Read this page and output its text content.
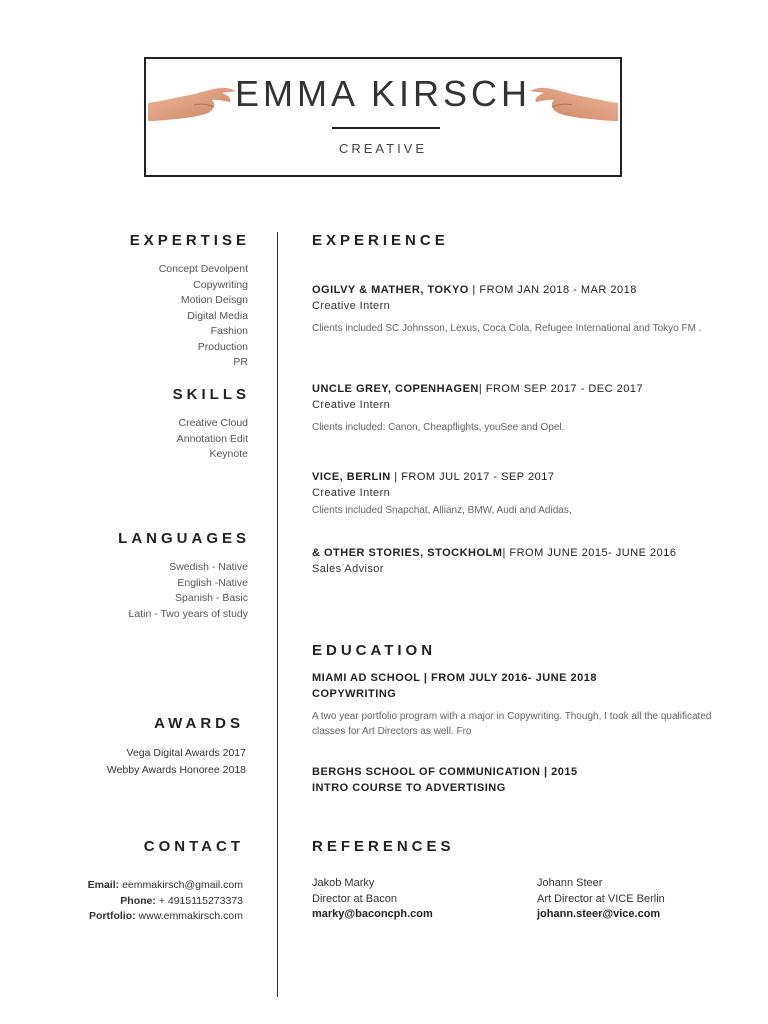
EMMA KIRSCH
CREATIVE
EXPERTISE
Concept Devolpent
Copywriting
Motion Deisgn
Digital Media
Fashion
Production
PR
SKILLS
Creative Cloud
Annotation Edit
Keynote
LANGUAGES
Swedish - Native
English -Native
Spanish - Basic
Latin - Two years of study
AWARDS
Vega Digital Awards 2017
Webby Awards Honoree 2018
CONTACT
Email: eemmakirsch@gmail.com
Phone: + 4915115273373
Portfolio: www.emmakirsch.com
EXPERIENCE
OGILVY & MATHER, TOKYO | FROM JAN 2018 - MAR 2018
Creative Intern
Clients included SC Johnsson, Lexus, Coca Cola, Refugee International and Tokyo FM .
UNCLE GREY, COPENHAGEN| FROM SEP 2017 - DEC 2017
Creative Intern
Clients included: Canon, Cheapflights, youSee and Opel.
VICE, BERLIN | FROM JUL 2017 - SEP 2017
Creative Intern
Clients included Snapchat, Allianz, BMW, Audi and Adidas,
& OTHER STORIES, STOCKHOLM| FROM JUNE 2015- JUNE 2016
Sales Advisor
EDUCATION
MIAMI AD SCHOOL | FROM JULY 2016- JUNE 2018
COPYWRITING
A two year portfolio program with a major in Copywriting. Though, I took all the qualificated classes for Art Directors as well. Fro
BERGHS SCHOOL OF COMMUNICATION | 2015
INTRO COURSE TO ADVERTISING
REFERENCES
Jakob Marky
Director at Bacon
marky@baconcph.com
Johann Steer
Art Director at VICE Berlin
johann.steer@vice.com
